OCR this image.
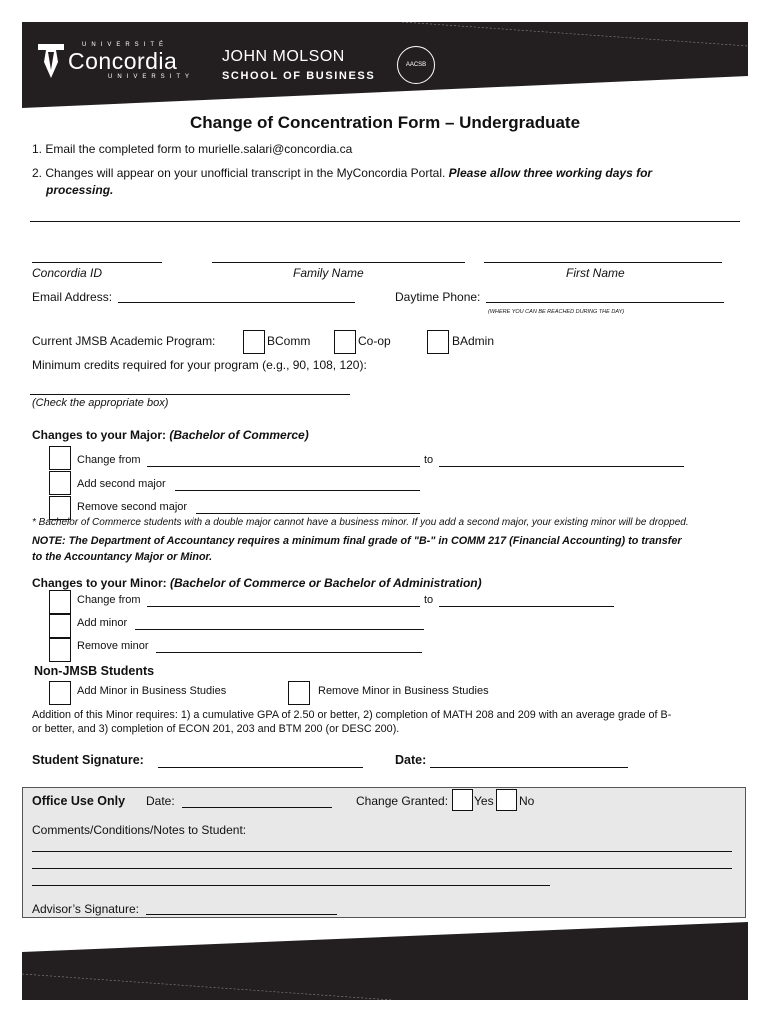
UNIVERSITÉ
Concordia
UNIVERSITY
JOHN MOLSON
SCHOOL OF BUSINESS
AACSB
Change of Concentration Form – Undergraduate
1. Email the completed form to murielle.salari@concordia.ca
2. Changes will appear on your unofficial transcript in the MyConcordia Portal. Please allow three working days for
processing.
Concordia ID	Family Name	First Name
Email Address:	Daytime Phone:
(WHERE YOU CAN BE REACHED DURING THE DAY)
Current JMSB Academic Program:	BComm	Co-op	BAdmin
Minimum credits required for your program (e.g., 90, 108, 120):
(Check the appropriate box)
Changes to your Major: (Bachelor of Commerce)
Change from	to
Add second major
Remove second major
* Bachelor of Commerce students with a double major cannot have a business minor. If you add a second major, your existing minor will be dropped.
NOTE: The Department of Accountancy requires a minimum final grade of "B-" in COMM 217 (Financial Accounting) to transfer
to the Accountancy Major or Minor.
Changes to your Minor: (Bachelor of Commerce or Bachelor of Administration)
Change from	to
Add minor
Remove minor
Non-JMSB Students
Add Minor in Business Studies	Remove Minor in Business Studies
Addition of this Minor requires: 1) a cumulative GPA of 2.50 or better, 2) completion of MATH 208 and 209 with an average grade of B-
or better, and 3) completion of ECON 201, 203 and BTM 200 (or DESC 200).
Student Signature:	Date:
Office Use Only Date:	Change Granted: Yes No
Comments/Conditions/Notes to Student:
Advisor’s Signature:
